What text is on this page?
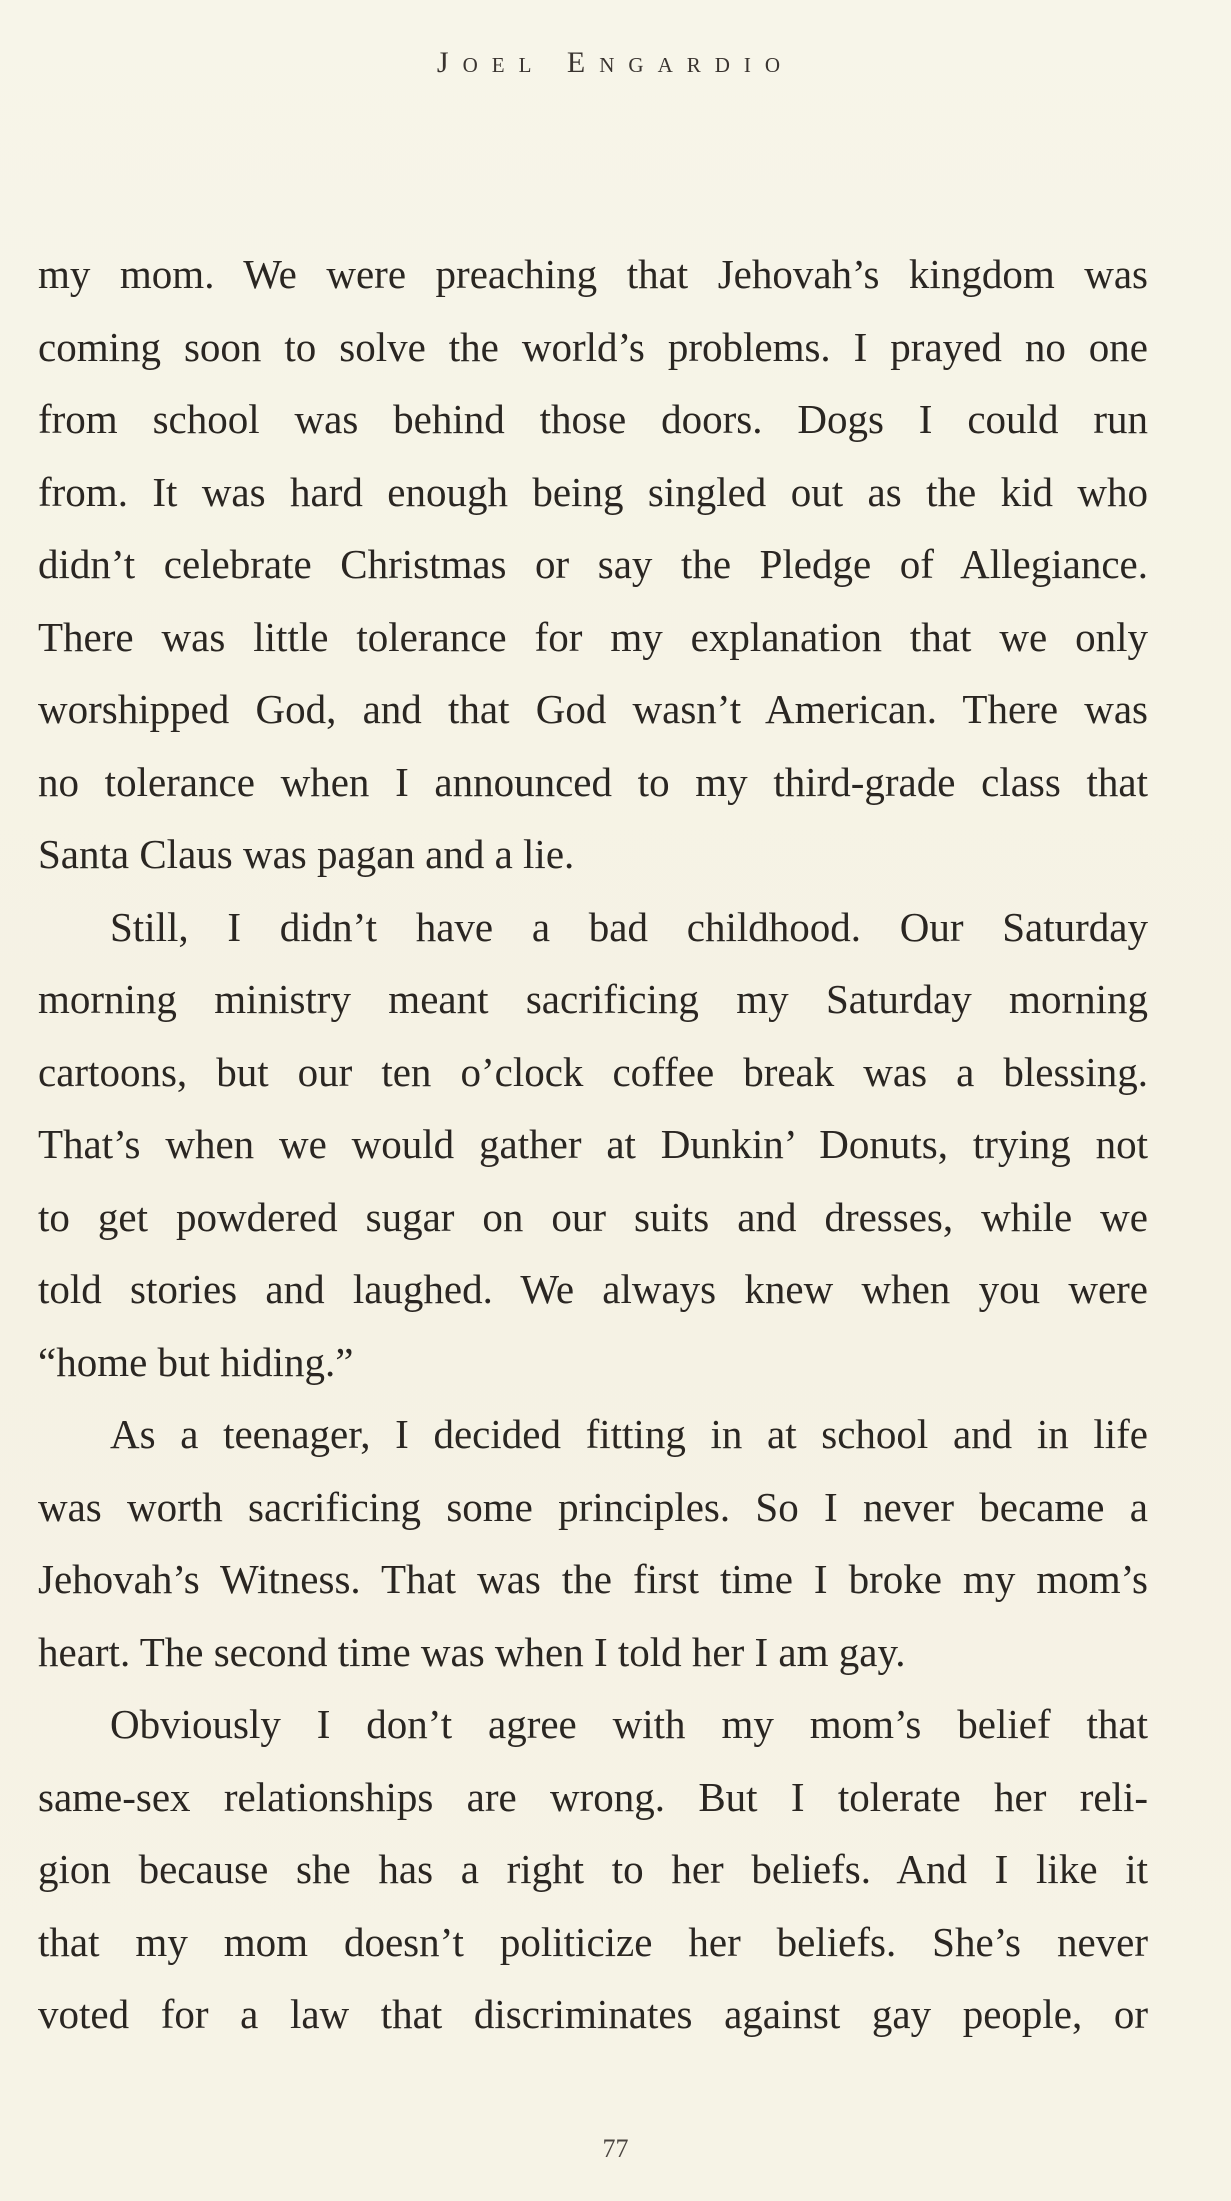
Joel Engardio
my mom. We were preaching that Jehovah’s kingdom was
coming soon to solve the world’s problems. I prayed no one
from school was behind those doors. Dogs I could run
from. It was hard enough being singled out as the kid who
didn’t celebrate Christmas or say the Pledge of Allegiance.
There was little tolerance for my explanation that we only
worshipped God, and that God wasn’t American. There was
no tolerance when I announced to my third-grade class that
Santa Claus was pagan and a lie.
Still, I didn’t have a bad childhood. Our Saturday
morning ministry meant sacrificing my Saturday morning
cartoons, but our ten o’clock coffee break was a blessing.
That’s when we would gather at Dunkin’ Donuts, trying not
to get powdered sugar on our suits and dresses, while we
told stories and laughed. We always knew when you were
“home but hiding.”
As a teenager, I decided fitting in at school and in life
was worth sacrificing some principles. So I never became a
Jehovah’s Witness. That was the first time I broke my mom’s
heart. The second time was when I told her I am gay.
Obviously I don’t agree with my mom’s belief that
same-sex relationships are wrong. But I tolerate her reli-
gion because she has a right to her beliefs. And I like it
that my mom doesn’t politicize her beliefs. She’s never
voted for a law that discriminates against gay people, or
77
